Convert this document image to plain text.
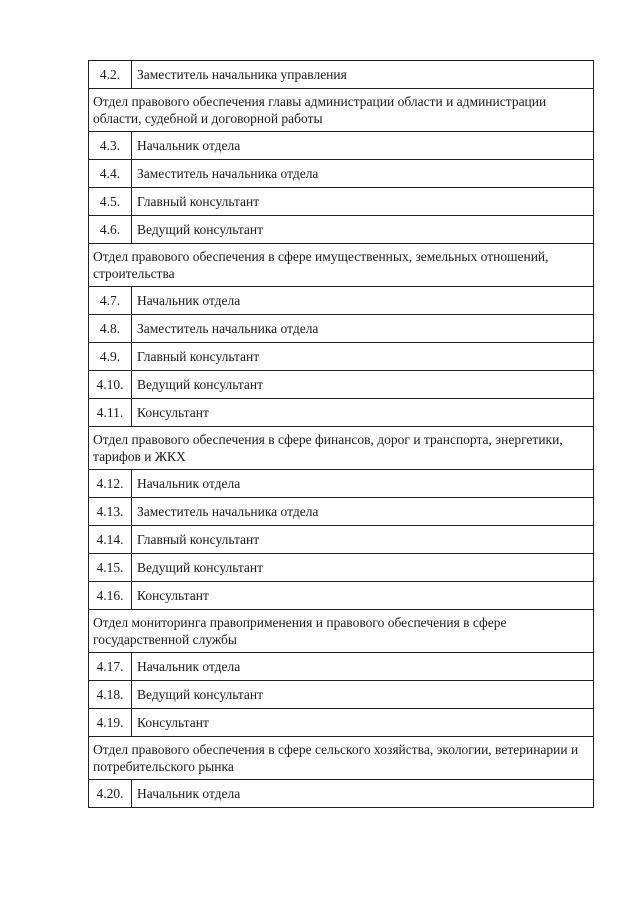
4.2.	Заместитель начальника управления
Отдел правового обеспечения главы администрации области и администрации области, судебной и договорной работы	
4.3.	Начальник отдела
4.4.	Заместитель начальника отдела
4.5.	Главный консультант
4.6.	Ведущий консультант
Отдел правового обеспечения в сфере имущественных, земельных отношений, строительства	
4.7.	Начальник отдела
4.8.	Заместитель начальника отдела
4.9.	Главный консультант
4.10.	Ведущий консультант
4.11.	Консультант
Отдел правового обеспечения в сфере финансов, дорог и транспорта, энергетики, тарифов и ЖКХ	
4.12.	Начальник отдела
4.13.	Заместитель начальника отдела
4.14.	Главный консультант
4.15.	Ведущий консультант
4.16.	Консультант
Отдел мониторинга правоприменения и правового обеспечения в сфере государственной службы	
4.17.	Начальник отдела
4.18.	Ведущий консультант
4.19.	Консультант
Отдел правового обеспечения в сфере сельского хозяйства, экологии, ветеринарии и потребительского рынка	
4.20.	Начальник отдела
